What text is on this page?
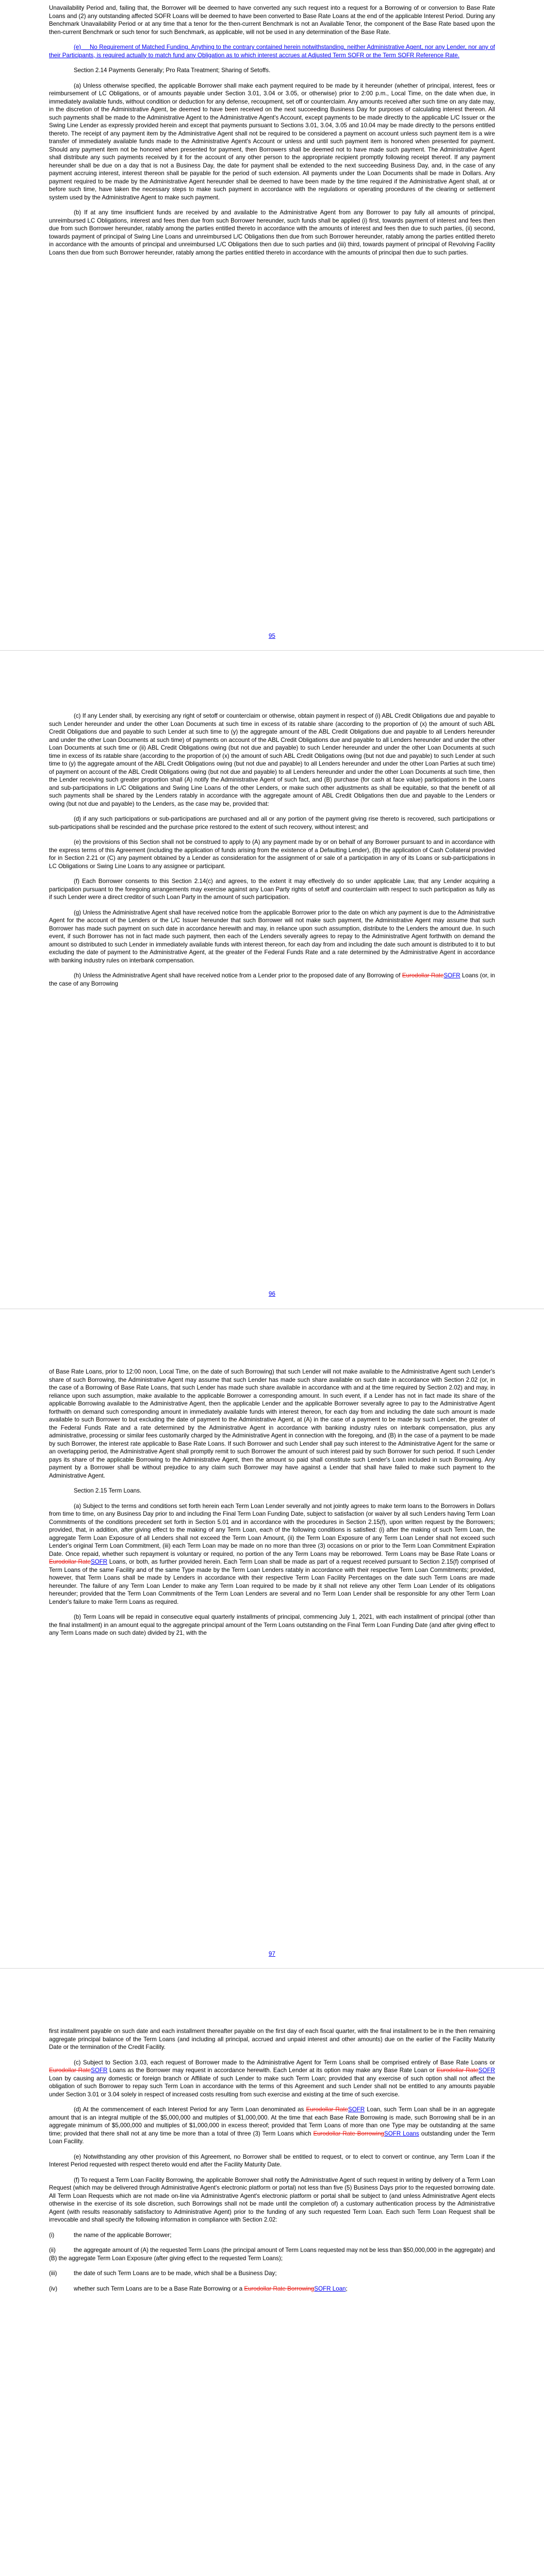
Unavailability Period and, failing that, the Borrower will be deemed to have converted any such request into a request for a Borrowing of or conversion to Base Rate Loans and (2) any outstanding affected SOFR Loans will be deemed to have been converted to Base Rate Loans at the end of the applicable Interest Period. During any Benchmark Unavailability Period or at any time that a tenor for the then-current Benchmark is not an Available Tenor, the component of the Base Rate based upon the then-current Benchmark or such tenor for such Benchmark, as applicable, will not be used in any determination of the Base Rate.

(e) No Requirement of Matched Funding. Anything to the contrary contained herein notwithstanding, neither Administrative Agent, nor any Lender, nor any of their Participants, is required actually to match fund any Obligation as to which interest accrues at Adjusted Term SOFR or the Term SOFR Reference Rate.

Section 2.14 Payments Generally; Pro Rata Treatment; Sharing of Setoffs.

(a) Unless otherwise specified, the applicable Borrower shall make each payment required to be made by it hereunder (whether of principal, interest, fees or reimbursement of LC Obligations, or of amounts payable under Section 3.01, 3.04 or 3.05, or otherwise) prior to 2:00 p.m., Local Time, on the date when due, in immediately available funds, without condition or deduction for any defense, recoupment, set off or counterclaim. Any amounts received after such time on any date may, in the discretion of the Administrative Agent, be deemed to have been received on the next succeeding Business Day for purposes of calculating interest thereon. All such payments shall be made to the Administrative Agent to the Administrative Agent's Account, except payments to be made directly to the applicable L/C Issuer or the Swing Line Lender as expressly provided herein and except that payments pursuant to Sections 3.01, 3.04, 3.05 and 10.04 may be made directly to the persons entitled thereto. The receipt of any payment item by the Administrative Agent shall not be required to be considered a payment on account unless such payment item is a wire transfer of immediately available funds made to the Administrative Agent's Account or unless and until such payment item is honored when presented for payment. Should any payment item not be honored when presented for payment, then Borrowers shall be deemed not to have made such payment. The Administrative Agent shall distribute any such payments received by it for the account of any other person to the appropriate recipient promptly following receipt thereof. If any payment hereunder shall be due on a day that is not a Business Day, the date for payment shall be extended to the next succeeding Business Day, and, in the case of any payment accruing interest, interest thereon shall be payable for the period of such extension. All payments under the Loan Documents shall be made in Dollars. Any payment required to be made by the Administrative Agent hereunder shall be deemed to have been made by the time required if the Administrative Agent shall, at or before such time, have taken the necessary steps to make such payment in accordance with the regulations or operating procedures of the clearing or settlement system used by the Administrative Agent to make such payment.

(b) If at any time insufficient funds are received by and available to the Administrative Agent from any Borrower to pay fully all amounts of principal, unreimbursed LC Obligations, interest and fees then due from such Borrower hereunder, such funds shall be applied (i) first, towards payment of interest and fees then due from such Borrower hereunder, ratably among the parties entitled thereto in accordance with the amounts of interest and fees then due to such parties, (ii) second, towards payment of principal of Swing Line Loans and unreimbursed L/C Obligations then due from such Borrower hereunder, ratably among the parties entitled thereto in accordance with the amounts of principal and unreimbursed L/C Obligations then due to such parties and (iii) third, towards payment of principal of Revolving Facility Loans then due from such Borrower hereunder, ratably among the parties entitled thereto in accordance with the amounts of principal then due to such parties.

95

(c) If any Lender shall, by exercising any right of setoff or counterclaim or otherwise, obtain payment in respect of (i) ABL Credit Obligations due and payable to such Lender hereunder and under the other Loan Documents at such time in excess of its ratable share (according to the proportion of (x) the amount of such ABL Credit Obligations due and payable to such Lender at such time to (y) the aggregate amount of the ABL Credit Obligations due and payable to all Lenders hereunder and under the other Loan Documents at such time) of payments on account of the ABL Credit Obligations due and payable to all Lenders hereunder and under the other Loan Documents at such time or (ii) ABL Credit Obligations owing (but not due and payable) to such Lender hereunder and under the other Loan Documents at such time in excess of its ratable share (according to the proportion of (x) the amount of such ABL Credit Obligations owing (but not due and payable) to such Lender at such time to (y) the aggregate amount of the ABL Credit Obligations owing (but not due and payable) to all Lenders hereunder and under the other Loan Parties at such time) of payment on account of the ABL Credit Obligations owing (but not due and payable) to all Lenders hereunder and under the other Loan Documents at such time, then the Lender receiving such greater proportion shall (A) notify the Administrative Agent of such fact, and (B) purchase (for cash at face value) participations in the Loans and sub-participations in L/C Obligations and Swing Line Loans of the other Lenders, or make such other adjustments as shall be equitable, so that the benefit of all such payments shall be shared by the Lenders ratably in accordance with the aggregate amount of ABL Credit Obligations then due and payable to the Lenders or owing (but not due and payable) to the Lenders, as the case may be, provided that:

(d) if any such participations or sub-participations are purchased and all or any portion of the payment giving rise thereto is recovered, such participations or sub-participations shall be rescinded and the purchase price restored to the extent of such recovery, without interest; and

(e) the provisions of this Section shall not be construed to apply to (A) any payment made by or on behalf of any Borrower pursuant to and in accordance with the express terms of this Agreement (including the application of funds arising from the existence of a Defaulting Lender), (B) the application of Cash Collateral provided for in Section 2.21 or (C) any payment obtained by a Lender as consideration for the assignment of or sale of a participation in any of its Loans or sub-participations in LC Obligations or Swing Line Loans to any assignee or participant.

(f) Each Borrower consents to this Section 2.14(c) and agrees, to the extent it may effectively do so under applicable Law, that any Lender acquiring a participation pursuant to the foregoing arrangements may exercise against any Loan Party rights of setoff and counterclaim with respect to such participation as fully as if such Lender were a direct creditor of such Loan Party in the amount of such participation.

(g) Unless the Administrative Agent shall have received notice from the applicable Borrower prior to the date on which any payment is due to the Administrative Agent for the account of the Lenders or the L/C Issuer hereunder that such Borrower will not make such payment, the Administrative Agent may assume that such Borrower has made such payment on such date in accordance herewith and may, in reliance upon such assumption, distribute to the Lenders the amount due. In such event, if such Borrower has not in fact made such payment, then each of the Lenders severally agrees to repay to the Administrative Agent forthwith on demand the amount so distributed to such Lender in immediately available funds with interest thereon, for each day from and including the date such amount is distributed to it to but excluding the date of payment to the Administrative Agent, at the greater of the Federal Funds Rate and a rate determined by the Administrative Agent in accordance with banking industry rules on interbank compensation.

(h) Unless the Administrative Agent shall have received notice from a Lender prior to the proposed date of any Borrowing of Eurodollar RateSOFR Loans (or, in the case of any Borrowing

96

of Base Rate Loans, prior to 12:00 noon, Local Time, on the date of such Borrowing) that such Lender will not make available to the Administrative Agent such Lender's share of such Borrowing, the Administrative Agent may assume that such Lender has made such share available on such date in accordance with Section 2.02 (or, in the case of a Borrowing of Base Rate Loans, that such Lender has made such share available in accordance with and at the time required by Section 2.02) and may, in reliance upon such assumption, make available to the applicable Borrower a corresponding amount. In such event, if a Lender has not in fact made its share of the applicable Borrowing available to the Administrative Agent, then the applicable Lender and the applicable Borrower severally agree to pay to the Administrative Agent forthwith on demand such corresponding amount in immediately available funds with interest thereon, for each day from and including the date such amount is made available to such Borrower to but excluding the date of payment to the Administrative Agent, at (A) in the case of a payment to be made by such Lender, the greater of the Federal Funds Rate and a rate determined by the Administrative Agent in accordance with banking industry rules on interbank compensation, plus any administrative, processing or similar fees customarily charged by the Administrative Agent in connection with the foregoing, and (B) in the case of a payment to be made by such Borrower, the interest rate applicable to Base Rate Loans. If such Borrower and such Lender shall pay such interest to the Administrative Agent for the same or an overlapping period, the Administrative Agent shall promptly remit to such Borrower the amount of such interest paid by such Borrower for such period. If such Lender pays its share of the applicable Borrowing to the Administrative Agent, then the amount so paid shall constitute such Lender's Loan included in such Borrowing. Any payment by a Borrower shall be without prejudice to any claim such Borrower may have against a Lender that shall have failed to make such payment to the Administrative Agent.

Section 2.15 Term Loans.

(a) Subject to the terms and conditions set forth herein each Term Loan Lender severally and not jointly agrees to make term loans to the Borrowers in Dollars from time to time, on any Business Day prior to and including the Final Term Loan Funding Date, subject to satisfaction (or waiver by all such Lenders having Term Loan Commitments of the conditions precedent set forth in Section 5.01 and in accordance with the procedures in Section 2.15(f), upon written request by the Borrowers; provided, that, in addition, after giving effect to the making of any Term Loan, each of the following conditions is satisfied: (i) after the making of such Term Loan, the aggregate Term Loan Exposure of all Lenders shall not exceed the Term Loan Amount, (ii) the Term Loan Exposure of any Term Loan Lender shall not exceed such Lender's original Term Loan Commitment, (iii) each Term Loan may be made on no more than three (3) occasions on or prior to the Term Loan Commitment Expiration Date. Once repaid, whether such repayment is voluntary or required, no portion of the any Term Loans may be reborrowed. Term Loans may be Base Rate Loans or Eurodollar RateSOFR Loans, or both, as further provided herein. Each Term Loan shall be made as part of a request received pursuant to Section 2.15(f) comprised of Term Loans of the same Facility and of the same Type made by the Term Loan Lenders ratably in accordance with their respective Term Loan Commitments; provided, however, that Term Loans shall be made by Lenders in accordance with their respective Term Loan Facility Percentages on the date such Term Loans are made hereunder. The failure of any Term Loan Lender to make any Term Loan required to be made by it shall not relieve any other Term Loan Lender of its obligations hereunder; provided that the Term Loan Commitments of the Term Loan Lenders are several and no Term Loan Lender shall be responsible for any other Term Loan Lender's failure to make Term Loans as required.

(b) Term Loans will be repaid in consecutive equal quarterly installments of principal, commencing July 1, 2021, with each installment of principal (other than the final installment) in an amount equal to the aggregate principal amount of the Term Loans outstanding on the Final Term Loan Funding Date (and after giving effect to any Term Loans made on such date) divided by 21, with the

97

first installment payable on such date and each installment thereafter payable on the first day of each fiscal quarter, with the final installment to be in the then remaining aggregate principal balance of the Term Loans (and including all principal, accrued and unpaid interest and other amounts) due on the earlier of the Facility Maturity Date or the termination of the Credit Facility.

(c) Subject to Section 3.03, each request of Borrower made to the Administrative Agent for Term Loans shall be comprised entirely of Base Rate Loans or Eurodollar RateSOFR Loans as the Borrower may request in accordance herewith. Each Lender at its option may make any Base Rate Loan or Eurodollar RateSOFR Loan by causing any domestic or foreign branch or Affiliate of such Lender to make such Term Loan; provided that any exercise of such option shall not affect the obligation of such Borrower to repay such Term Loan in accordance with the terms of this Agreement and such Lender shall not be entitled to any amounts payable under Section 3.01 or 3.04 solely in respect of increased costs resulting from such exercise and existing at the time of such exercise.

(d) At the commencement of each Interest Period for any Term Loan denominated as Eurodollar RateSOFR Loan, such Term Loan shall be in an aggregate amount that is an integral multiple of the $5,000,000 and multiples of $1,000,000. At the time that each Base Rate Borrowing is made, such Borrowing shall be in an aggregate minimum of $5,000,000 and multiples of $1,000,000 in excess thereof; provided that Term Loans of more than one Type may be outstanding at the same time; provided that there shall not at any time be more than a total of three (3) Term Loans which Eurodollar Rate BorrowingSOFR Loans outstanding under the Term Loan Facility.

(e) Notwithstanding any other provision of this Agreement, no Borrower shall be entitled to request, or to elect to convert or continue, any Term Loan if the Interest Period requested with respect thereto would end after the Facility Maturity Date.

(f) To request a Term Loan Facility Borrowing, the applicable Borrower shall notify the Administrative Agent of such request in writing by delivery of a Term Loan Request (which may be delivered through Administrative Agent's electronic platform or portal) not less than five (5) Business Days prior to the requested borrowing date. All Term Loan Requests which are not made on-line via Administrative Agent's electronic platform or portal shall be subject to (and unless Administrative Agent elects otherwise in the exercise of its sole discretion, such Borrowings shall not be made until the completion of) a customary authentication process by the Administrative Agent (with results reasonably satisfactory to Administrative Agent) prior to the funding of any such requested Term Loan. Each such Term Loan Request shall be irrevocable and shall specify the following information in compliance with Section 2.02:

(i)	the name of the applicable Borrower;

(ii)	the aggregate amount of (A) the requested Term Loans (the principal amount of Term Loans requested may not be less than $50,000,000 in the aggregate) and (B) the aggregate Term Loan Exposure (after giving effect to the requested Term Loans);

(iii)	the date of such Term Loans are to be made, which shall be a Business Day;

(iv)	whether such Term Loans are to be a Base Rate Borrowing or a Eurodollar Rate BorrowingSOFR Loan;
